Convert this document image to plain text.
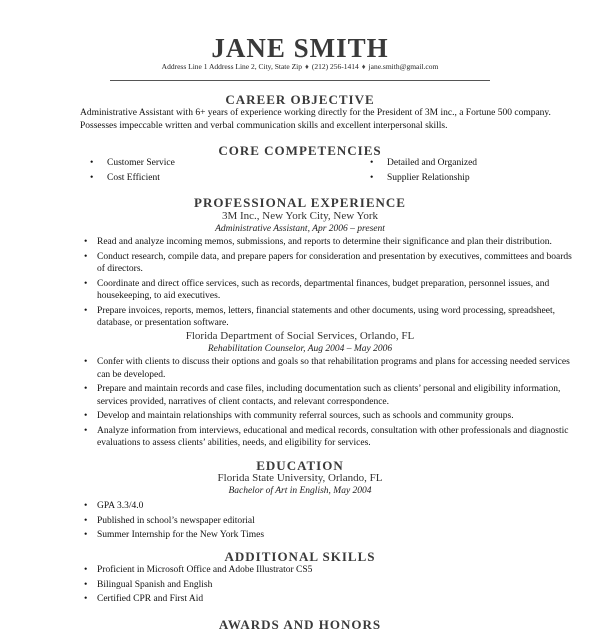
JANE SMITH
Address Line 1 Address Line 2, City, State Zip ♦ (212) 256-1414 ♦ jane.smith@gmail.com
CAREER OBJECTIVE
Administrative Assistant with 6+ years of experience working directly for the President of 3M inc., a Fortune 500 company.
Possesses impeccable written and verbal communication skills and excellent interpersonal skills.
CORE COMPETENCIES
• Customer Service
• Cost Efficient
• Detailed and Organized
• Supplier Relationship
PROFESSIONAL EXPERIENCE
3M Inc., New York City, New York
Administrative Assistant, Apr 2006 – present
• Read and analyze incoming memos, submissions, and reports to determine their significance and plan their distribution.
• Conduct research, compile data, and prepare papers for consideration and presentation by executives, committees and boards
of directors.
• Coordinate and direct office services, such as records, departmental finances, budget preparation, personnel issues, and
housekeeping, to aid executives.
• Prepare invoices, reports, memos, letters, financial statements and other documents, using word processing, spreadsheet,
database, or presentation software.
Florida Department of Social Services, Orlando, FL
Rehabilitation Counselor, Aug 2004 – May 2006
• Confer with clients to discuss their options and goals so that rehabilitation programs and plans for accessing needed services
can be developed.
• Prepare and maintain records and case files, including documentation such as clients’ personal and eligibility information,
services provided, narratives of client contacts, and relevant correspondence.
• Develop and maintain relationships with community referral sources, such as schools and community groups.
• Analyze information from interviews, educational and medical records, consultation with other professionals and diagnostic
evaluations to assess clients’ abilities, needs, and eligibility for services.
EDUCATION
Florida State University, Orlando, FL
Bachelor of Art in English, May 2004
• GPA 3.3/4.0
• Published in school’s newspaper editorial
• Summer Internship for the New York Times
ADDITIONAL SKILLS
• Proficient in Microsoft Office and Adobe Illustrator CS5
• Bilingual Spanish and English
• Certified CPR and First Aid
AWARDS AND HONORS
